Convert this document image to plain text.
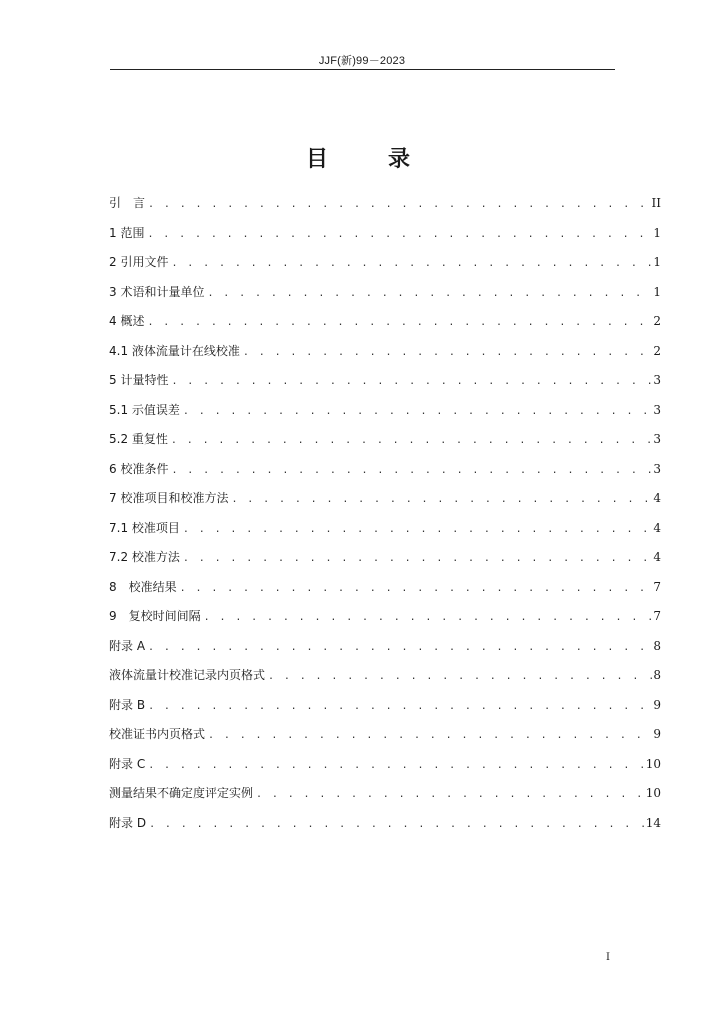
JJF(新)99－2023
目录
引　言 . . .	II
1 范围 . . .	1
2 引用文件 . . .	1
3 术语和计量单位 . . .	1
4 概述 . . .	2
4.1 液体流量计在线校准 . . .	2
5 计量特性 . . .	3
5.1 示值误差 . . .	3
5.2 重复性 . . .	3
6 校准条件 . . .	3
7 校准项目和校准方法 . . .	4
7.1 校准项目 . . .	4
7.2 校准方法 . . .	4
8　校准结果 . . .	7
9　复校时间间隔 . . .	7
附录 A . . .	8
液体流量计校准记录内页格式 . . .	8
附录 B . . .	9
校准证书内页格式 . . .	9
附录 C . . .	10
测量结果不确定度评定实例 . . .	10
附录 D . . .	14
I
